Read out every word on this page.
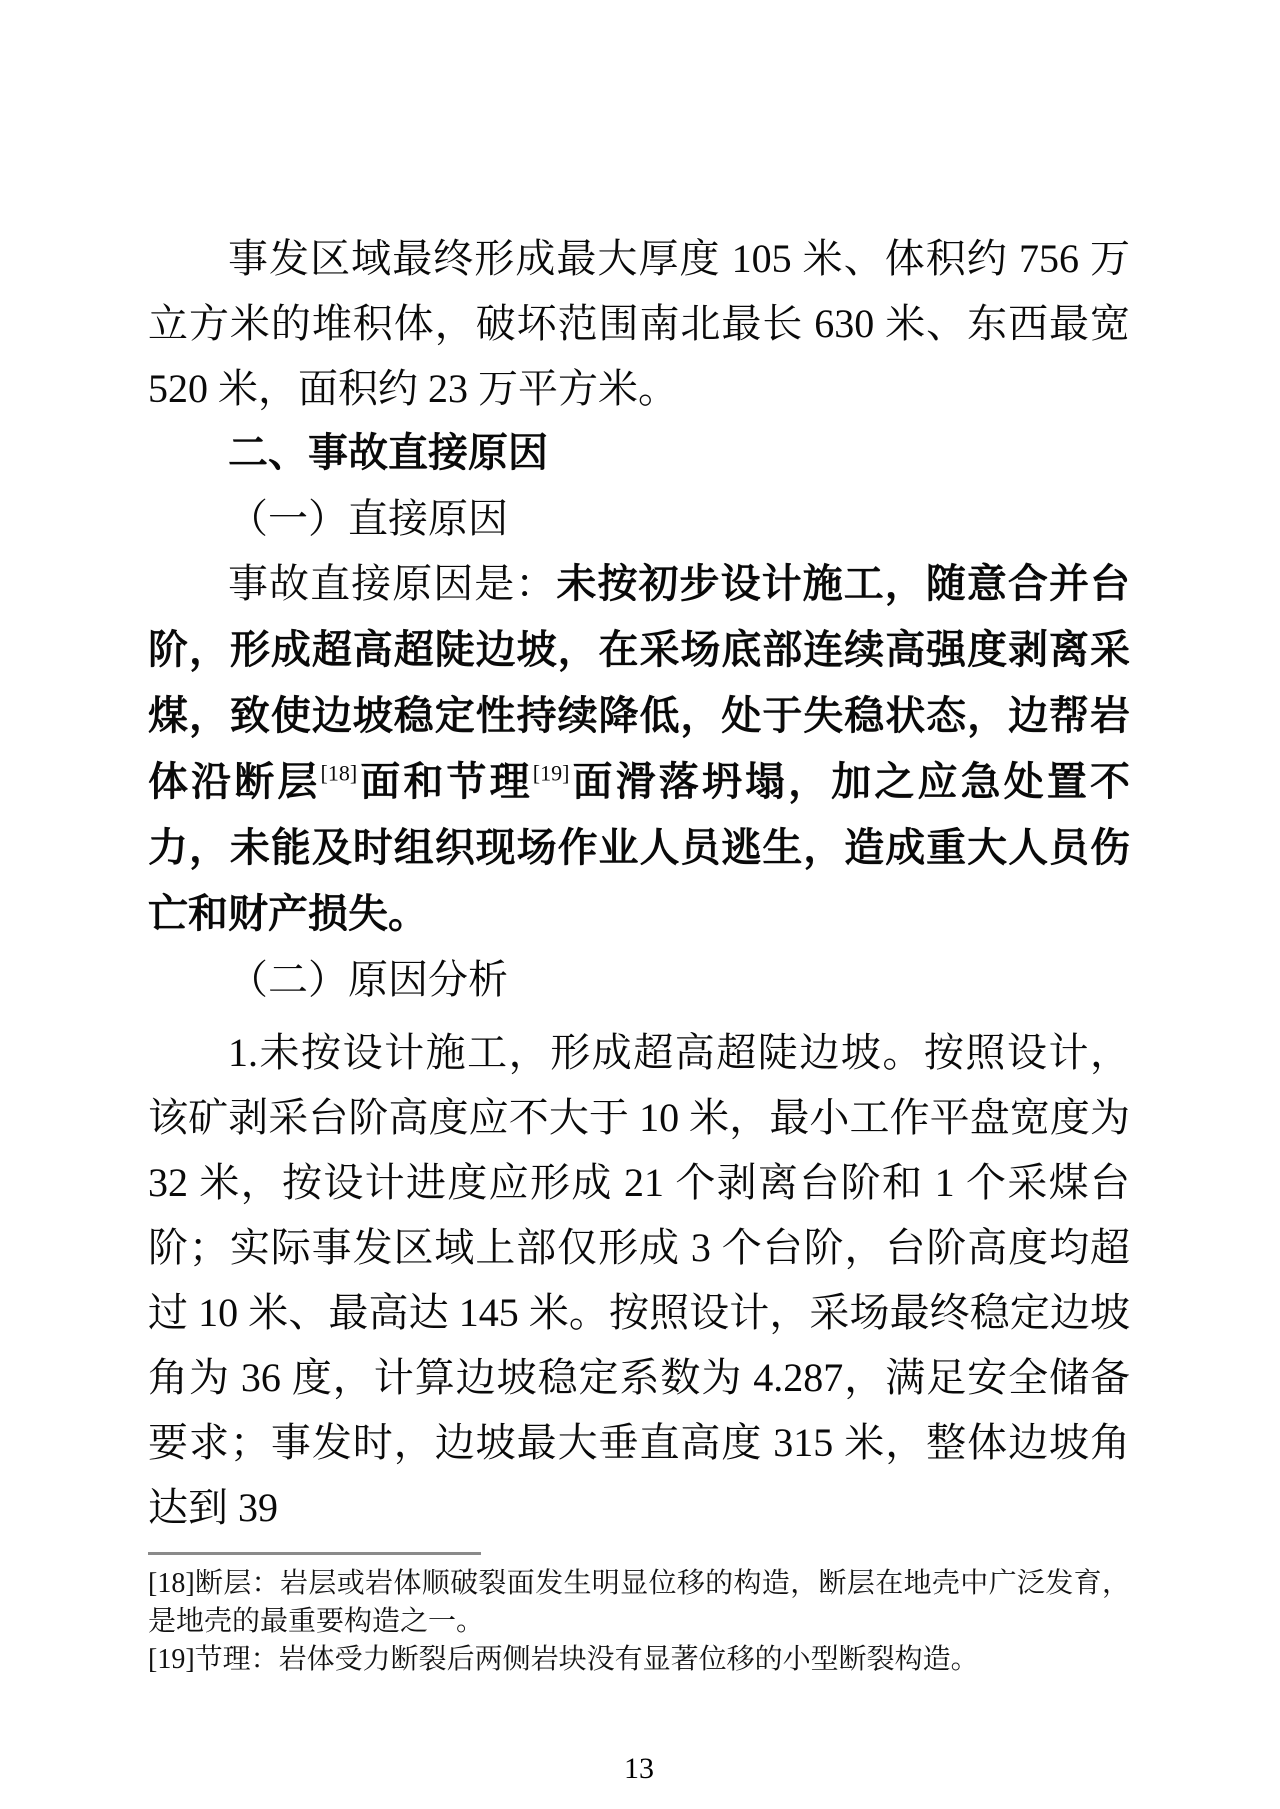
事发区域最终形成最大厚度 105 米、体积约 756 万立方米的堆积体，破坏范围南北最长 630 米、东西最宽 520 米，面积约 23 万平方米。

二、事故直接原因
（一）直接原因

事故直接原因是：未按初步设计施工，随意合并台阶，形成超高超陡边坡，在采场底部连续高强度剥离采煤，致使边坡稳定性持续降低，处于失稳状态，边帮岩体沿断层[18]面和节理[19]面滑落坍塌，加之应急处置不力，未能及时组织现场作业人员逃生，造成重大人员伤亡和财产损失。

（二）原因分析

1.未按设计施工，形成超高超陡边坡。按照设计，该矿剥采台阶高度应不大于 10 米，最小工作平盘宽度为 32 米，按设计进度应形成 21 个剥离台阶和 1 个采煤台阶；实际事发区域上部仅形成 3 个台阶，台阶高度均超过 10 米、最高达 145 米。按照设计，采场最终稳定边坡角为 36 度，计算边坡稳定系数为 4.287，满足安全储备要求；事发时，边坡最大垂直高度 315 米，整体边坡角达到 39

[18]断层：岩层或岩体顺破裂面发生明显位移的构造，断层在地壳中广泛发育，是地壳的最重要构造之一。

[19]节理：岩体受力断裂后两侧岩块没有显著位移的小型断裂构造。

13
